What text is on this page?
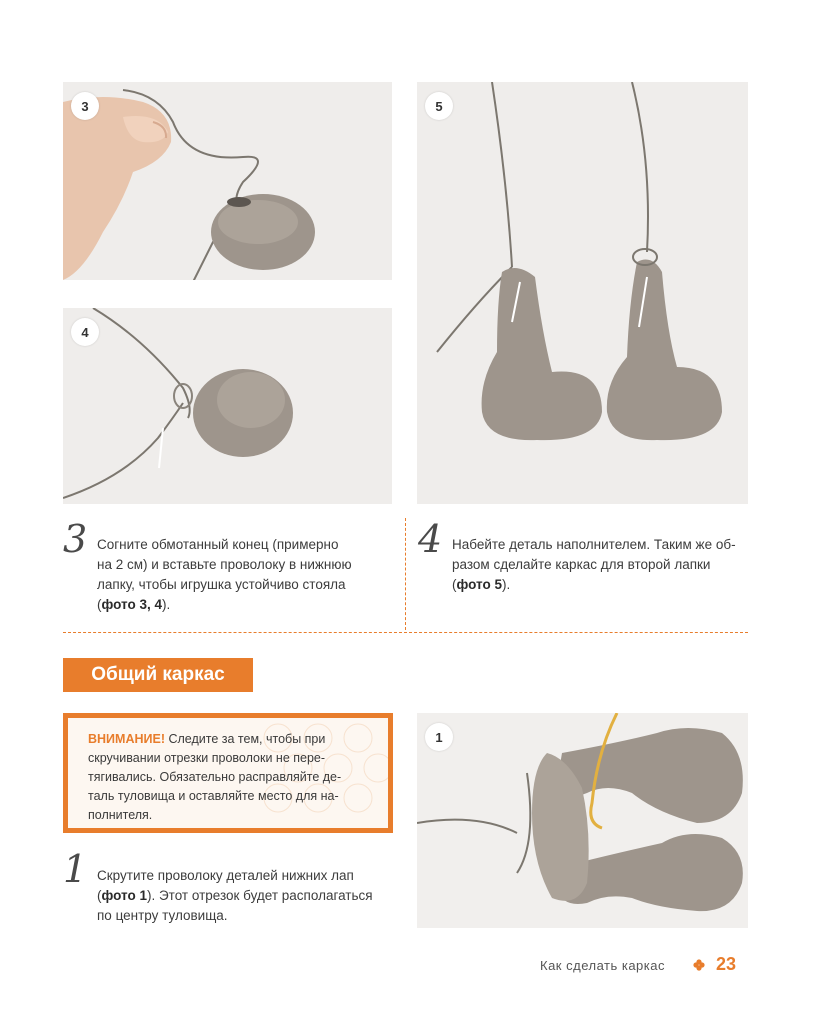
3
4
5
3 Согните обмотанный конец (примерно
на 2 см) и вставьте проволоку в нижнюю
лапку, чтобы игрушка устойчиво стояла
(фото 3, 4).
4 Набейте деталь наполнителем. Таким же об-
разом сделайте каркас для второй лапки
(фото 5).
Общий каркас
ВНИМАНИЕ! Следите за тем, чтобы при
скручивании отрезки проволоки не пере-
тягивались. Обязательно расправляйте де-
таль туловища и оставляйте место для на-
полнителя.
1 Скрутите проволоку деталей нижних лап
(фото 1). Этот отрезок будет располагаться
по центру туловища.
1
Как сделать каркас	23
